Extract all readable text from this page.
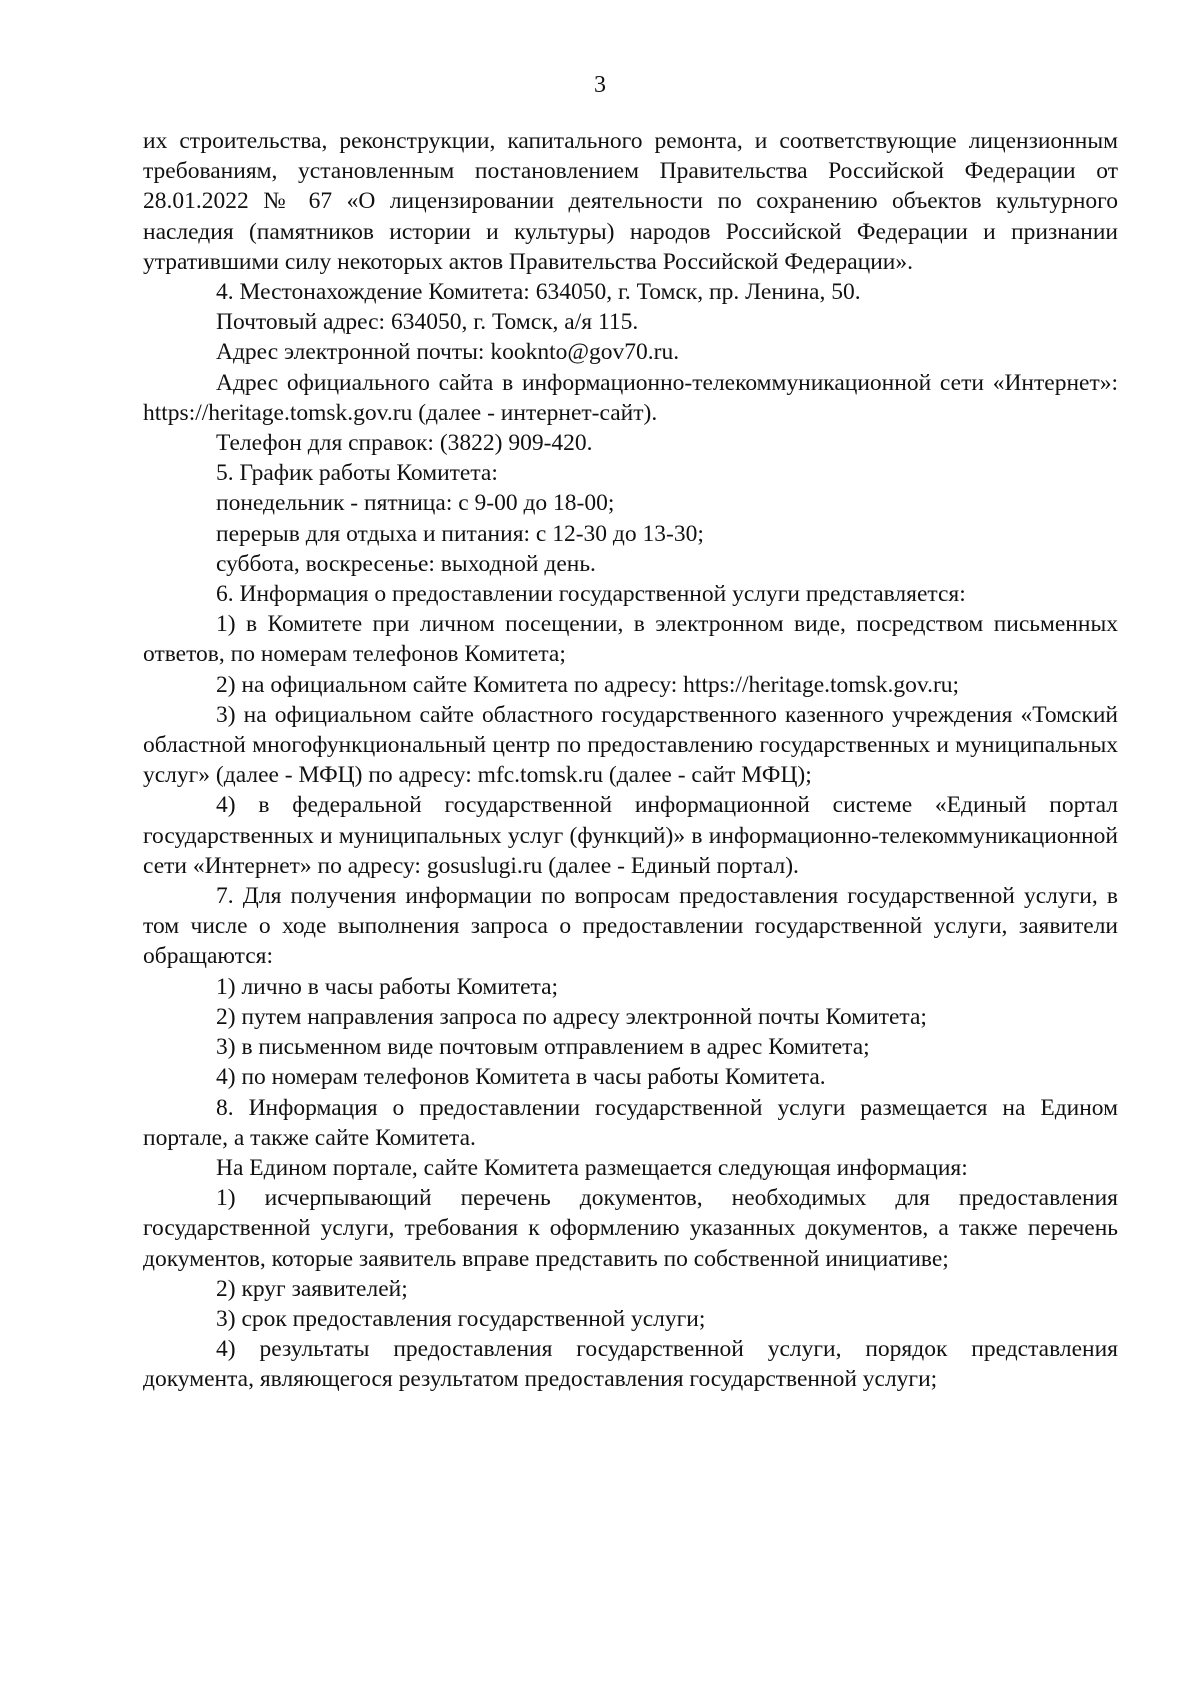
3

их строительства, реконструкции, капитального ремонта, и соответствующие лицензионным требованиям, установленным постановлением Правительства Российской Федерации от 28.01.2022 № 67 «О лицензировании деятельности по сохранению объектов культурного наследия (памятников истории и культуры) народов Российской Федерации и признании утратившими силу некоторых актов Правительства Российской Федерации».

4. Местонахождение Комитета: 634050, г. Томск, пр. Ленина, 50.

Почтовый адрес: 634050, г. Томск, а/я 115.

Адрес электронной почты: kooknto@gov70.ru.

Адрес официального сайта в информационно-телекоммуникационной сети «Интернет»: https://heritage.tomsk.gov.ru (далее - интернет-сайт).

Телефон для справок: (3822) 909-420.

5. График работы Комитета:

понедельник - пятница: с 9-00 до 18-00;

перерыв для отдыха и питания: с 12-30 до 13-30;

суббота, воскресенье: выходной день.

6. Информация о предоставлении государственной услуги представляется:

1) в Комитете при личном посещении, в электронном виде, посредством письменных ответов, по номерам телефонов Комитета;

2) на официальном сайте Комитета по адресу: https://heritage.tomsk.gov.ru;

3) на официальном сайте областного государственного казенного учреждения «Томский областной многофункциональный центр по предоставлению государственных и муниципальных услуг» (далее - МФЦ) по адресу: mfc.tomsk.ru (далее - сайт МФЦ);

4) в федеральной государственной информационной системе «Единый портал государственных и муниципальных услуг (функций)» в информационно-телекоммуникационной сети «Интернет» по адресу: gosuslugi.ru (далее - Единый портал).

7. Для получения информации по вопросам предоставления государственной услуги, в том числе о ходе выполнения запроса о предоставлении государственной услуги, заявители обращаются:

1) лично в часы работы Комитета;

2) путем направления запроса по адресу электронной почты Комитета;

3) в письменном виде почтовым отправлением в адрес Комитета;

4) по номерам телефонов Комитета в часы работы Комитета.

8. Информация о предоставлении государственной услуги размещается на Едином портале, а также сайте Комитета.

На Едином портале, сайте Комитета размещается следующая информация:

1) исчерпывающий перечень документов, необходимых для предоставления государственной услуги, требования к оформлению указанных документов, а также перечень документов, которые заявитель вправе представить по собственной инициативе;

2) круг заявителей;

3) срок предоставления государственной услуги;

4) результаты предоставления государственной услуги, порядок представления документа, являющегося результатом предоставления государственной услуги;
